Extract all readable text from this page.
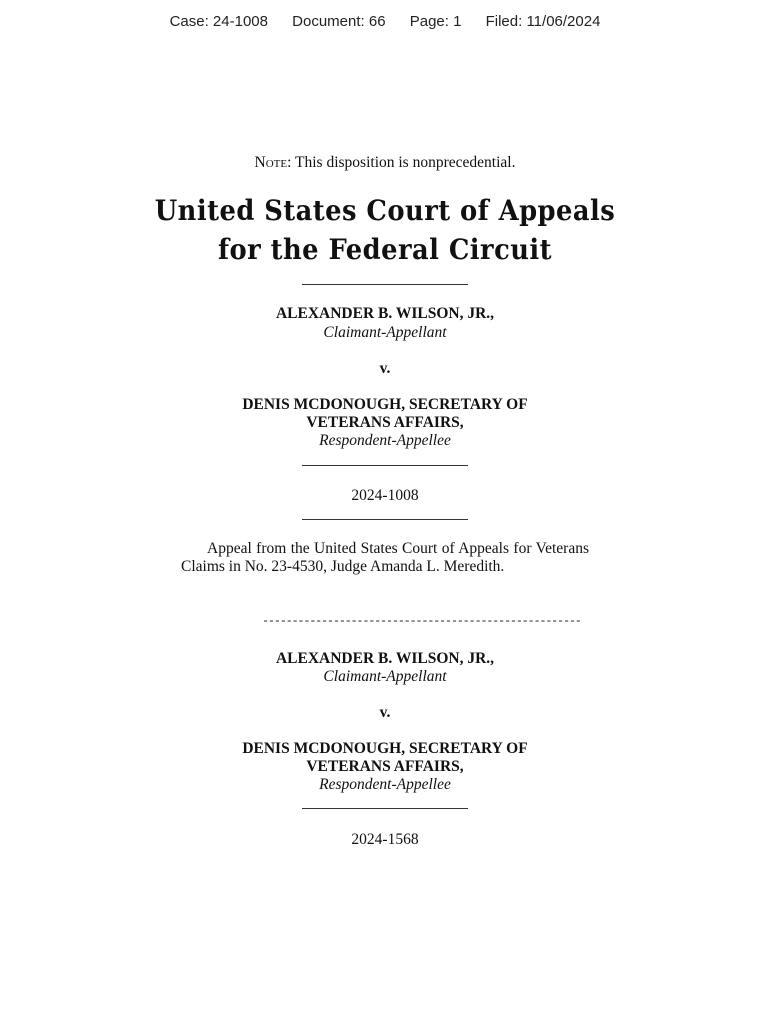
Case: 24-1008 Document: 66 Page: 1 Filed: 11/06/2024
Note: This disposition is nonprecedential.
United States Court of Appeals
for the Federal Circuit
ALEXANDER B. WILSON, JR.,
Claimant-Appellant
v.
DENIS MCDONOUGH, SECRETARY OF
VETERANS AFFAIRS,
Respondent-Appellee
2024-1008
Appeal from the United States Court of Appeals for Veterans Claims in No. 23-4530, Judge Amanda L. Meredith.
------------------------------------------------------
ALEXANDER B. WILSON, JR.,
Claimant-Appellant
v.
DENIS MCDONOUGH, SECRETARY OF
VETERANS AFFAIRS,
Respondent-Appellee
2024-1568
